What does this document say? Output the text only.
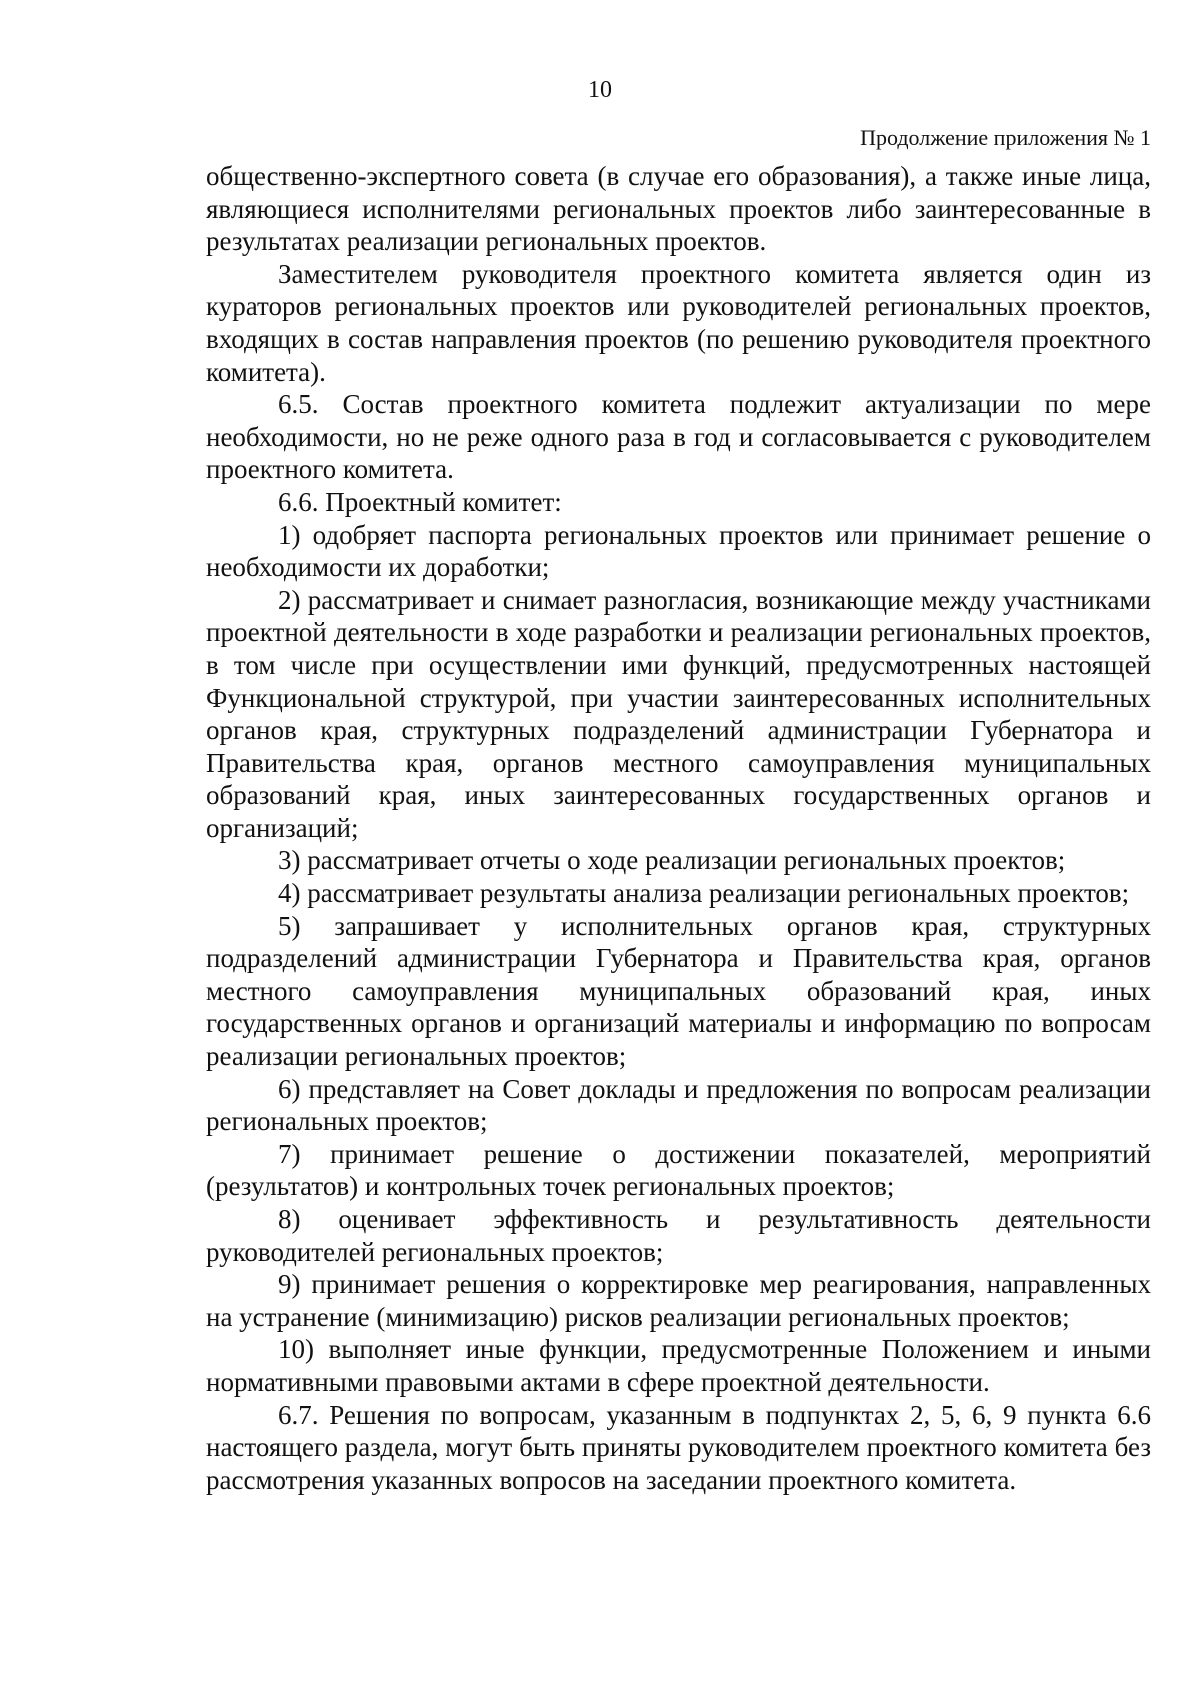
10
Продолжение приложения № 1

общественно-экспертного совета (в случае его образования), а также иные лица, являющиеся исполнителями региональных проектов либо заинтересованные в результатах реализации региональных проектов.

Заместителем руководителя проектного комитета является один из кураторов региональных проектов или руководителей региональных проектов, входящих в состав направления проектов (по решению руководителя проектного комитета).

6.5. Состав проектного комитета подлежит актуализации по мере необходимости, но не реже одного раза в год и согласовывается с руководителем проектного комитета.

6.6. Проектный комитет:

1) одобряет паспорта региональных проектов или принимает решение о необходимости их доработки;

2) рассматривает и снимает разногласия, возникающие между участниками проектной деятельности в ходе разработки и реализации региональных проектов, в том числе при осуществлении ими функций, предусмотренных настоящей Функциональной структурой, при участии заинтересованных исполнительных органов края, структурных подразделений администрации Губернатора и Правительства края, органов местного самоуправления муниципальных образований края, иных заинтересованных государственных органов и организаций;

3) рассматривает отчеты о ходе реализации региональных проектов;

4) рассматривает результаты анализа реализации региональных проектов;

5) запрашивает у исполнительных органов края, структурных подразделений администрации Губернатора и Правительства края, органов местного самоуправления муниципальных образований края, иных государственных органов и организаций материалы и информацию по вопросам реализации региональных проектов;

6) представляет на Совет доклады и предложения по вопросам реализации региональных проектов;

7) принимает решение о достижении показателей, мероприятий (результатов) и контрольных точек региональных проектов;

8) оценивает эффективность и результативность деятельности руководителей региональных проектов;

9) принимает решения о корректировке мер реагирования, направленных на устранение (минимизацию) рисков реализации региональных проектов;

10) выполняет иные функции, предусмотренные Положением и иными нормативными правовыми актами в сфере проектной деятельности.

6.7. Решения по вопросам, указанным в подпунктах 2, 5, 6, 9 пункта 6.6 настоящего раздела, могут быть приняты руководителем проектного комитета без рассмотрения указанных вопросов на заседании проектного комитета.
